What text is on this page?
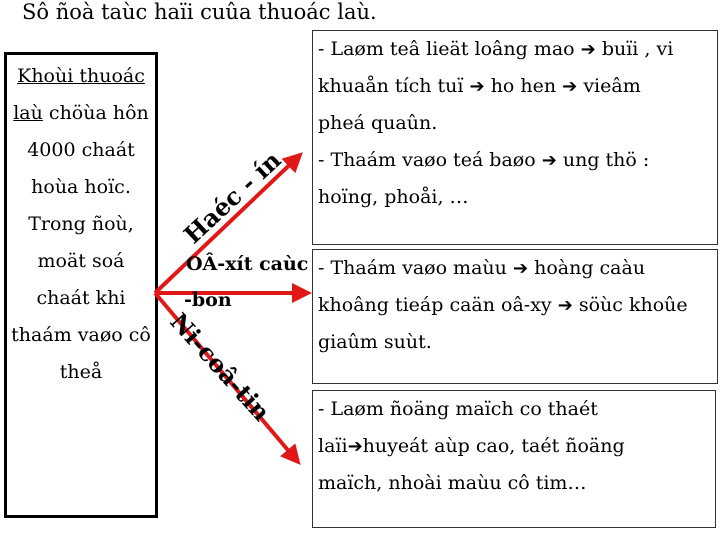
Sô ñoà taùc haïi cuûa thuoác laù.
Khoùi thuoác
laù chöùa hôn
4000 chaát
hoùa hoïc.
Trong ñoù,
moät soá
chaát khi
thaám vaøo cô
theå
Haéc - ín
OÂ-xít caùc
-bon
Ni-coâ-tin
- Laøm teâ lieät loâng mao ➔ buïi , vi
khuaån tích tuï ➔ ho hen ➔ vieâm
pheá quaûn.
- Thaám vaøo teá baøo ➔ ung thö :
hoïng, phoåi, …
- Thaám vaøo maùu ➔ hoàng caàu
khoâng tieáp caän oâ-xy ➔ söùc khoûe
giaûm suùt.
- Laøm ñoäng maïch co thaét
laïi➔huyeát aùp cao, taét ñoäng
maïch, nhoài maùu cô tim…
